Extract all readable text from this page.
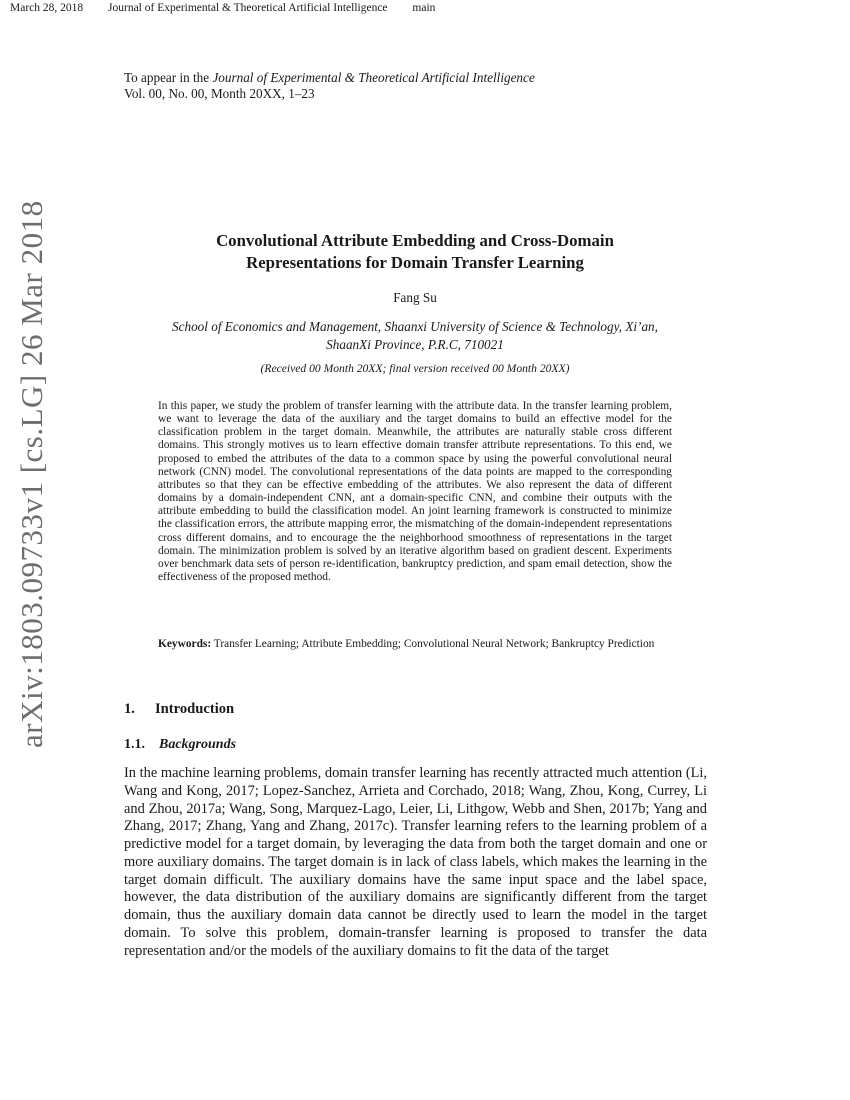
March 28, 2018 Journal of Experimental & Theoretical Artificial Intelligence main
arXiv:1803.09733v1 [cs.LG] 26 Mar 2018
To appear in the Journal of Experimental & Theoretical Artificial Intelligence
Vol. 00, No. 00, Month 20XX, 1–23
Convolutional Attribute Embedding and Cross-Domain
Representations for Domain Transfer Learning
Fang Su
School of Economics and Management, Shaanxi University of Science & Technology, Xi’an,
ShaanXi Province, P.R.C, 710021
(Received 00 Month 20XX; final version received 00 Month 20XX)

In this paper, we study the problem of transfer learning with the attribute data. In the transfer learning problem, we want to leverage the data of the auxiliary and the target domains to build an effective model for the classification problem in the target domain. Meanwhile, the attributes are naturally stable cross different domains. This strongly motives us to learn effective domain transfer attribute representations. To this end, we proposed to embed the attributes of the data to a common space by using the powerful convolutional neural network (CNN) model. The convolutional representations of the data points are mapped to the corresponding attributes so that they can be effective embedding of the attributes. We also represent the data of different domains by a domain-independent CNN, ant a domain-specific CNN, and combine their outputs with the attribute embedding to build the classification model. An joint learning framework is constructed to minimize the classification errors, the attribute mapping error, the mismatching of the domain-independent representations cross different domains, and to encourage the the neighborhood smoothness of representations in the target domain. The minimization problem is solved by an iterative algorithm based on gradient descent. Experiments over benchmark data sets of person re-identification, bankruptcy prediction, and spam email detection, show the effectiveness of the proposed method.

Keywords: Transfer Learning; Attribute Embedding; Convolutional Neural Network; Bankruptcy Prediction

1. Introduction
1.1. Backgrounds

In the machine learning problems, domain transfer learning has recently attracted much attention (Li, Wang and Kong, 2017; Lopez-Sanchez, Arrieta and Corchado, 2018; Wang, Zhou, Kong, Currey, Li and Zhou, 2017a; Wang, Song, Marquez-Lago, Leier, Li, Lithgow, Webb and Shen, 2017b; Yang and Zhang, 2017; Zhang, Yang and Zhang, 2017c). Transfer learning refers to the learning problem of a predictive model for a target domain, by leveraging the data from both the target domain and one or more auxiliary domains. The target domain is in lack of class labels, which makes the learning in the target domain difficult. The auxiliary domains have the same input space and the label space, however, the data distribution of the auxiliary domains are significantly different from the target domain, thus the auxiliary domain data cannot be directly used to learn the model in the target domain. To solve this problem, domain-transfer learning is proposed to transfer the data representation and/or the models of the auxiliary domains to fit the data of the target
